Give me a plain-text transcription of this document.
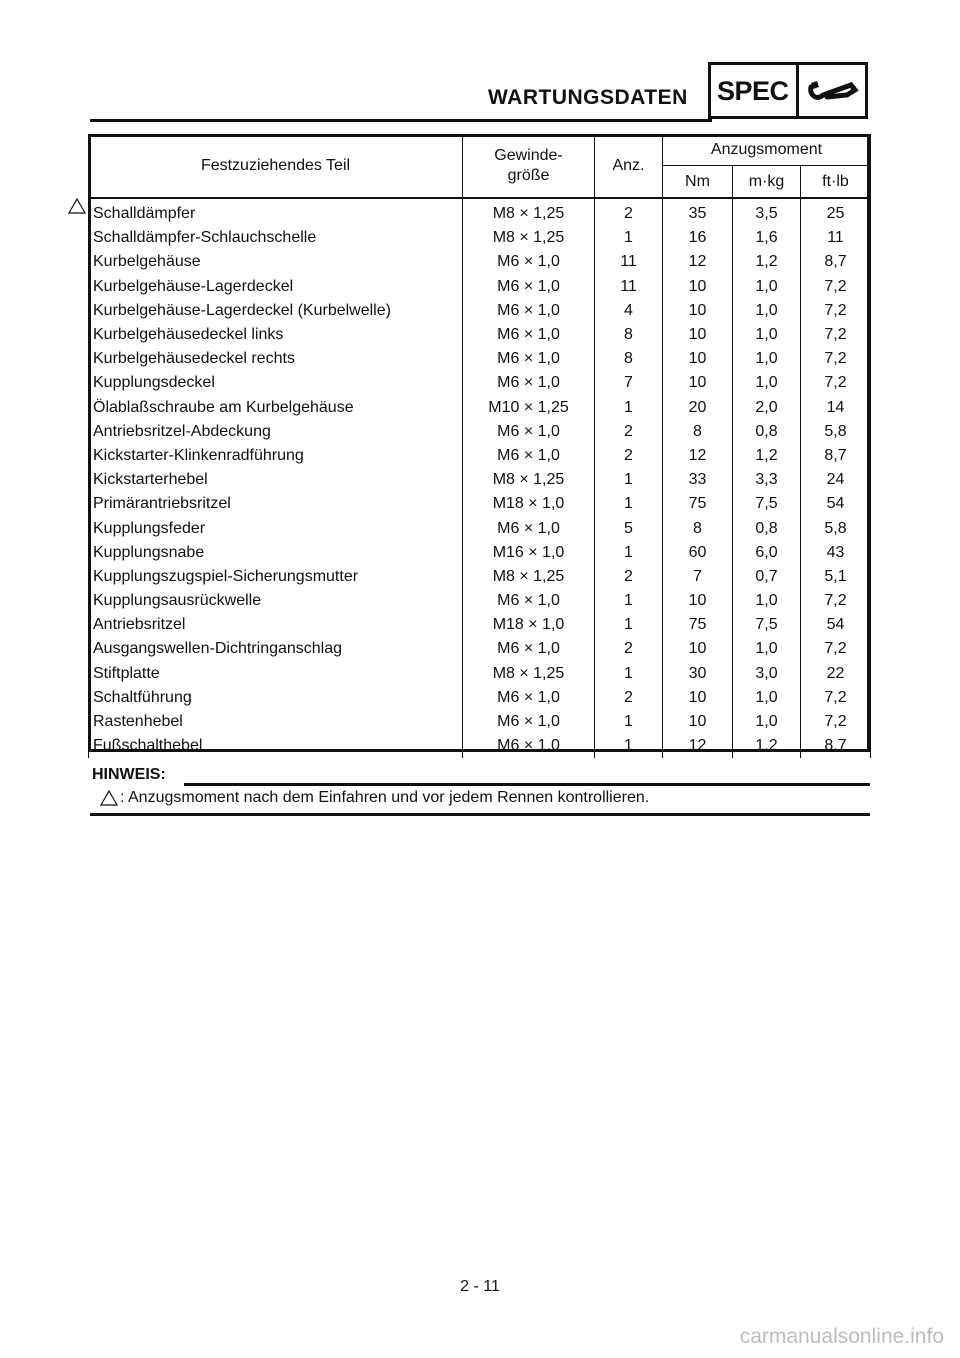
WARTUNGSDATEN SPEC
Festzuziehendes Teil	Gewinde-
größe	Anz.	Anzugsmoment		
			Nm	m·kg	ft·lb
Schalldämpfer	M8 × 1,25	2	35	3,5	25
Schalldämpfer-Schlauchschelle	M8 × 1,25	1	16	1,6	11
Kurbelgehäuse	M6 × 1,0	11	12	1,2	8,7
Kurbelgehäuse-Lagerdeckel	M6 × 1,0	11	10	1,0	7,2
Kurbelgehäuse-Lagerdeckel (Kurbelwelle)	M6 × 1,0	4	10	1,0	7,2
Kurbelgehäusedeckel links	M6 × 1,0	8	10	1,0	7,2
Kurbelgehäusedeckel rechts	M6 × 1,0	8	10	1,0	7,2
Kupplungsdeckel	M6 × 1,0	7	10	1,0	7,2
Ölablaßschraube am Kurbelgehäuse	M10 × 1,25	1	20	2,0	14
Antriebsritzel-Abdeckung	M6 × 1,0	2	8	0,8	5,8
Kickstarter-Klinkenradführung	M6 × 1,0	2	12	1,2	8,7
Kickstarterhebel	M8 × 1,25	1	33	3,3	24
Primärantriebsritzel	M18 × 1,0	1	75	7,5	54
Kupplungsfeder	M6 × 1,0	5	8	0,8	5,8
Kupplungsnabe	M16 × 1,0	1	60	6,0	43
Kupplungszugspiel-Sicherungsmutter	M8 × 1,25	2	7	0,7	5,1
Kupplungsausrückwelle	M6 × 1,0	1	10	1,0	7,2
Antriebsritzel	M18 × 1,0	1	75	7,5	54
Ausgangswellen-Dichtringanschlag	M6 × 1,0	2	10	1,0	7,2
Stiftplatte	M8 × 1,25	1	30	3,0	22
Schaltführung	M6 × 1,0	2	10	1,0	7,2
Rastenhebel	M6 × 1,0	1	10	1,0	7,2
Fußschalthebel	M6 × 1,0	1	12	1,2	8,7
HINWEIS:
: Anzugsmoment nach dem Einfahren und vor jedem Rennen kontrollieren.
2 - 11
carmanualsonline.info
